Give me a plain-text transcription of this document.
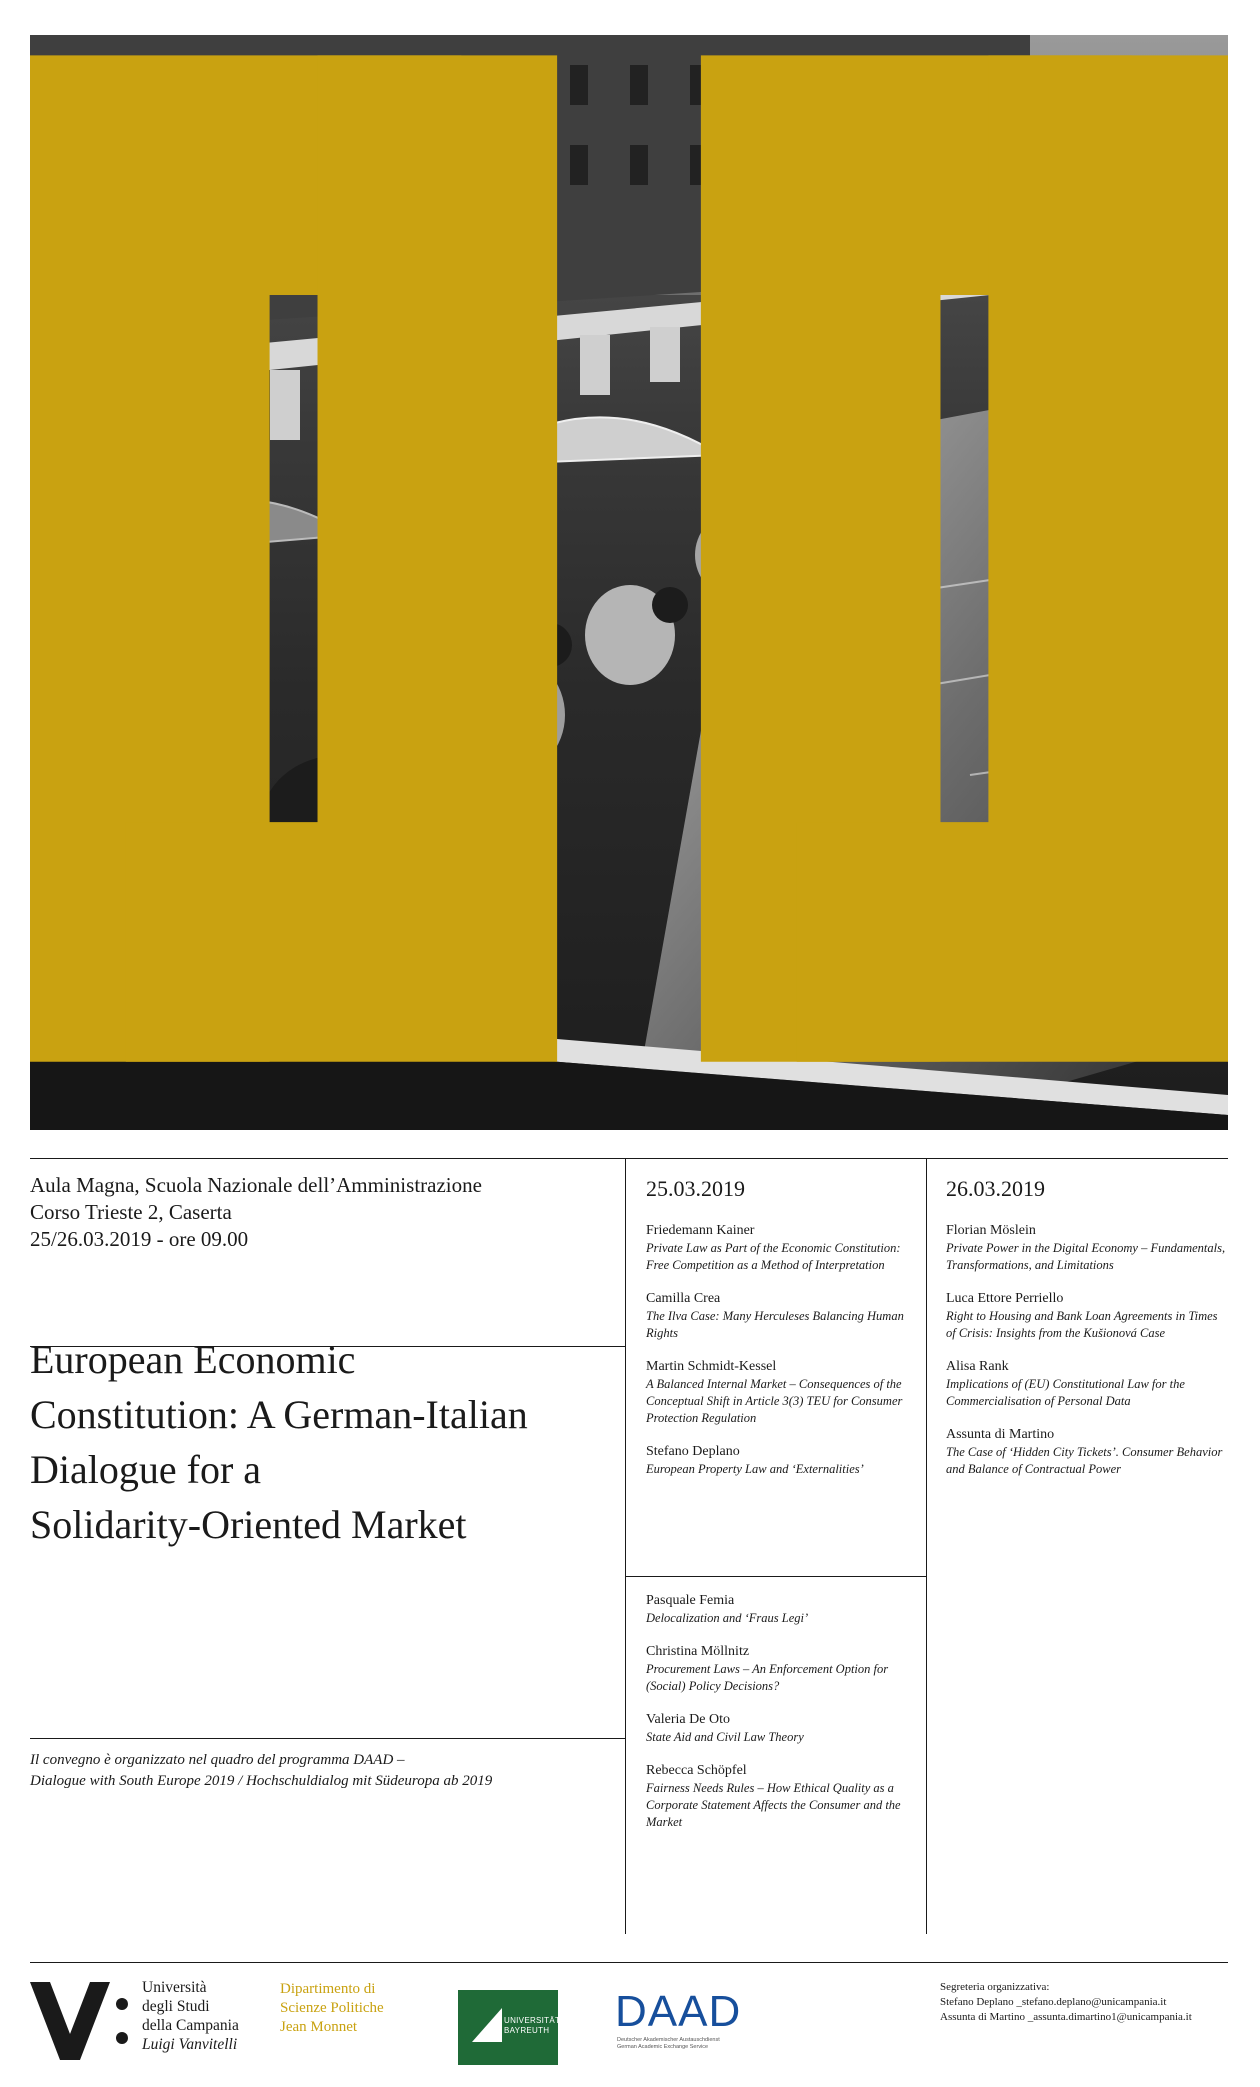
Aula Magna, Scuola Nazionale dell’Amministrazione
Corso Trieste 2, Caserta
25/26.03.2019 - ore 09.00
European Economic
Constitution: A German-Italian
Dialogue for a
Solidarity-Oriented Market
Il convegno è organizzato nel quadro del programma DAAD –
Dialogue with South Europe 2019 / Hochschuldialog mit Südeuropa ab 2019
25.03.2019
Friedemann Kainer
Private Law as Part of the Economic Constitution: Free Competition as a Method of Interpretation
Camilla Crea
The Ilva Case: Many Herculeses Balancing Human Rights
Martin Schmidt-Kessel
A Balanced Internal Market – Consequences of the Conceptual Shift in Article 3(3) TEU for Consumer Protection Regulation
Stefano Deplano
European Property Law and ‘Externalities’
Pasquale Femia
Delocalization and ‘Fraus Legi’
Christina Möllnitz
Procurement Laws – An Enforcement Option for (Social) Policy Decisions?
Valeria De Oto
State Aid and Civil Law Theory
Rebecca Schöpfel
Fairness Needs Rules – How Ethical Quality as a Corporate Statement Affects the Consumer and the Market
26.03.2019
Florian Möslein
Private Power in the Digital Economy – Fundamentals, Transformations, and Limitations
Luca Ettore Perriello
Right to Housing and Bank Loan Agreements in Times of Crisis: Insights from the Kušionová Case
Alisa Rank
Implications of (EU) Constitutional Law for the Commercialisation of Personal Data
Assunta di Martino
The Case of ‘Hidden City Tickets’. Consumer Behavior and Balance of Contractual Power
Università
degli Studi
della Campania
Luigi Vanvitelli
Dipartimento di
Scienze Politiche
Jean Monnet	UNIVERSITÄT
BAYREUTH DAAD
Deutscher Akademischer Austauschdienst
German Academic Exchange Service
Segreteria organizzativa:
Stefano Deplano _stefano.deplano@unicampania.it
Assunta di Martino _assunta.dimartino1@unicampania.it
